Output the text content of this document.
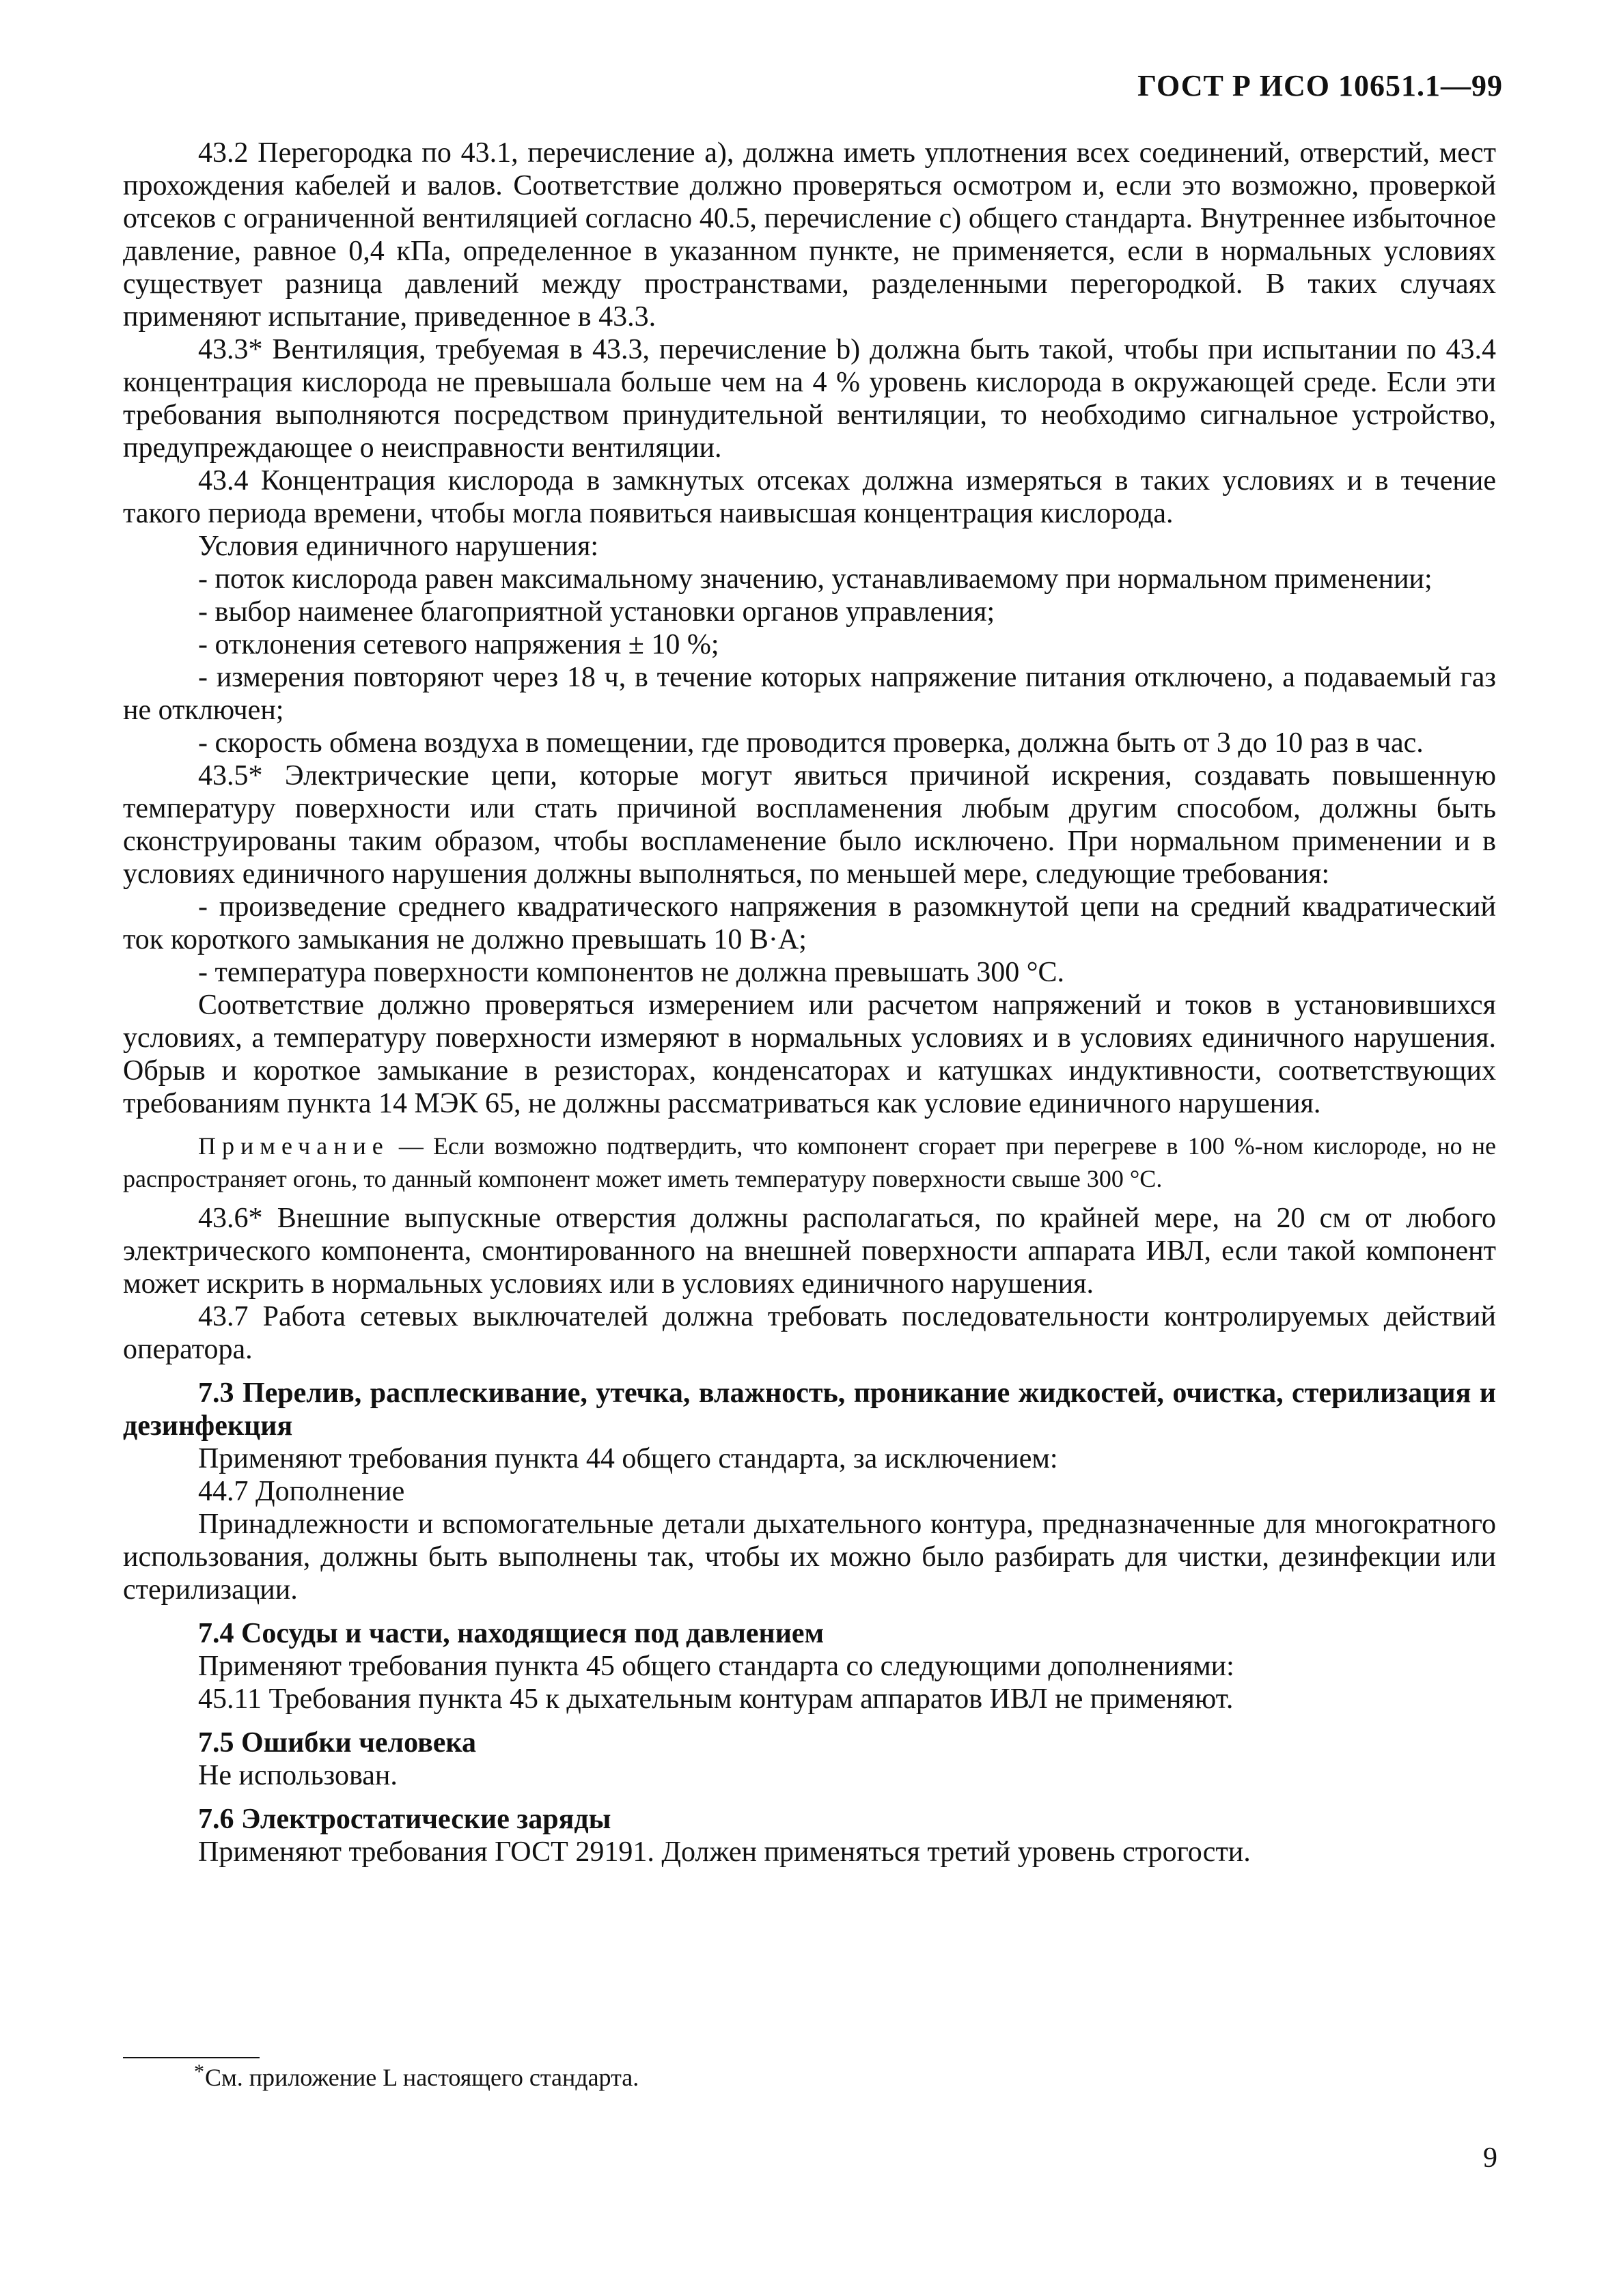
ГОСТ Р ИСО 10651.1—99

43.2 Перегородка по 43.1, перечисление а), должна иметь уплотнения всех соединений, отверстий, мест прохождения кабелей и валов. Соответствие должно проверяться осмотром и, если это возможно, проверкой отсеков с ограниченной вентиляцией согласно 40.5, перечисление с) общего стандарта. Внутреннее избыточное давление, равное 0,4 кПа, определенное в указанном пункте, не применяется, если в нормальных условиях существует разница давлений между пространствами, разделенными перегородкой. В таких случаях применяют испытание, приведенное в 43.3.

43.3* Вентиляция, требуемая в 43.3, перечисление b) должна быть такой, чтобы при испытании по 43.4 концентрация кислорода не превышала больше чем на 4 % уровень кислорода в окружающей среде. Если эти требования выполняются посредством принудительной вентиляции, то необходимо сигнальное устройство, предупреждающее о неисправности вентиляции.

43.4 Концентрация кислорода в замкнутых отсеках должна измеряться в таких условиях и в течение такого периода времени, чтобы могла появиться наивысшая концентрация кислорода.

Условия единичного нарушения:

- поток кислорода равен максимальному значению, устанавливаемому при нормальном применении;

- выбор наименее благоприятной установки органов управления;

- отклонения сетевого напряжения ± 10 %;

- измерения повторяют через 18 ч, в течение которых напряжение питания отключено, а подаваемый газ не отключен;

- скорость обмена воздуха в помещении, где проводится проверка, должна быть от 3 до 10 раз в час.

43.5* Электрические цепи, которые могут явиться причиной искрения, создавать повышенную температуру поверхности или стать причиной воспламенения любым другим способом, должны быть сконструированы таким образом, чтобы воспламенение было исключено. При нормальном применении и в условиях единичного нарушения должны выполняться, по меньшей мере, следующие требования:

- произведение среднего квадратического напряжения в разомкнутой цепи на средний квадратический ток короткого замыкания не должно превышать 10 В·А;

- температура поверхности компонентов не должна превышать 300 °С.

Соответствие должно проверяться измерением или расчетом напряжений и токов в установившихся условиях, а температуру поверхности измеряют в нормальных условиях и в условиях единичного нарушения. Обрыв и короткое замыкание в резисторах, конденсаторах и катушках индуктивности, соответствующих требованиям пункта 14 МЭК 65, не должны рассматриваться как условие единичного нарушения.

Примечание — Если возможно подтвердить, что компонент сгорает при перегреве в 100 %-ном кислороде, но не распространяет огонь, то данный компонент может иметь температуру поверхности свыше 300 °С.

43.6* Внешние выпускные отверстия должны располагаться, по крайней мере, на 20 см от любого электрического компонента, смонтированного на внешней поверхности аппарата ИВЛ, если такой компонент может искрить в нормальных условиях или в условиях единичного нарушения.

43.7 Работа сетевых выключателей должна требовать последовательности контролируемых действий оператора.

7.3 Перелив, расплескивание, утечка, влажность, проникание жидкостей, очистка, стерилизация и дезинфекция

Применяют требования пункта 44 общего стандарта, за исключением:

44.7 Дополнение

Принадлежности и вспомогательные детали дыхательного контура, предназначенные для многократного использования, должны быть выполнены так, чтобы их можно было разбирать для чистки, дезинфекции или стерилизации.

7.4 Сосуды и части, находящиеся под давлением

Применяют требования пункта 45 общего стандарта со следующими дополнениями:

45.11 Требования пункта 45 к дыхательным контурам аппаратов ИВЛ не применяют.

7.5 Ошибки человека

Не использован.

7.6 Электростатические заряды

Применяют требования ГОСТ 29191. Должен применяться третий уровень строгости.

* См. приложение L настоящего стандарта.
9
